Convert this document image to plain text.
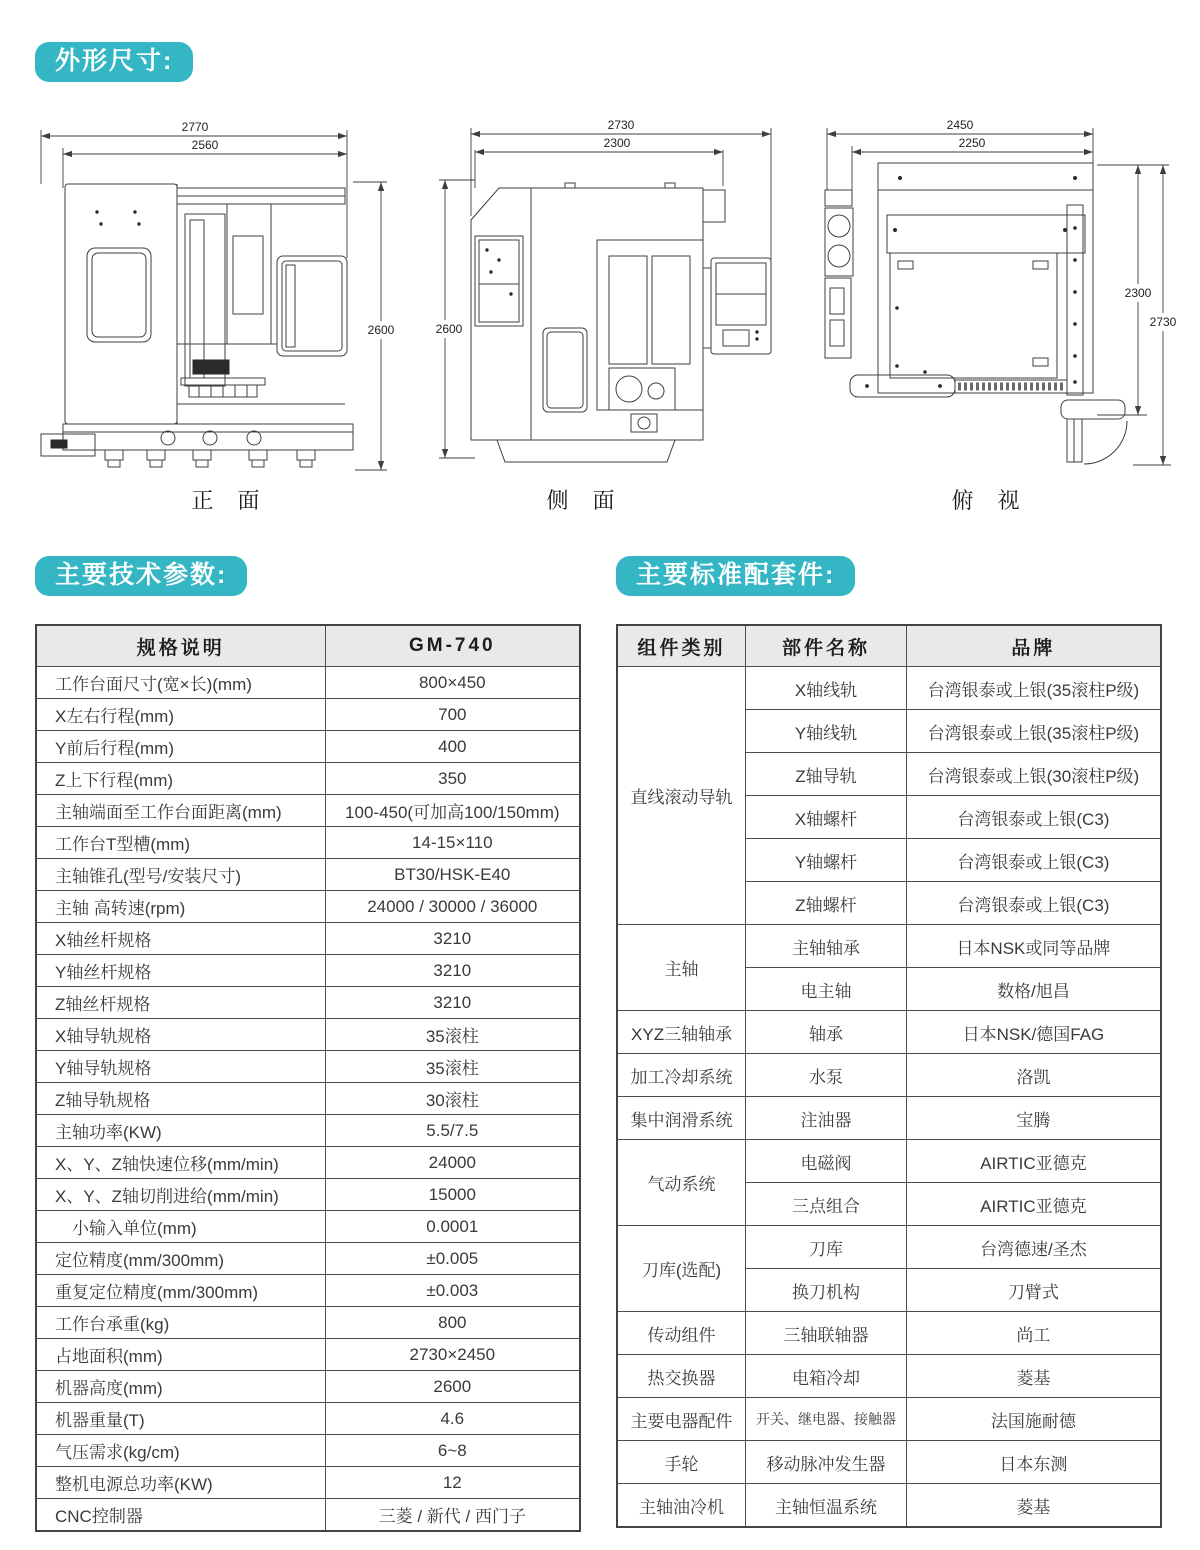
外形尺寸:
2770
2560
2600
正 面
2730
2300
2600
侧 面
2450
2250
2300
2730
俯 视
主要技术参数:
规格说明	GM-740
工作台面尺寸(宽×长)(mm)	800×450
X左右行程(mm)	700
Y前后行程(mm)	400
Z上下行程(mm)	350
主轴端面至工作台面距离(mm)	100-450(可加高100/150mm)
工作台T型槽(mm)	14-15×110
主轴锥孔(型号/安装尺寸)	BT30/HSK-E40
主轴 高转速(rpm)	24000 / 30000 / 36000
X轴丝杆规格	3210
Y轴丝杆规格	3210
Z轴丝杆规格	3210
X轴导轨规格	35滚柱
Y轴导轨规格	35滚柱
Z轴导轨规格	30滚柱
主轴功率(KW)	5.5/7.5
X、Y、Z轴快速位移(mm/min)	24000
X、Y、Z轴切削进给(mm/min)	15000
　小输入单位(mm)	0.0001
定位精度(mm/300mm)	±0.005
重复定位精度(mm/300mm)	±0.003
工作台承重(kg)	800
占地面积(mm)	2730×2450
机器高度(mm)	2600
机器重量(T)	4.6
气压需求(kg/cm)	6~8
整机电源总功率(KW)	12
CNC控制器	三菱 / 新代 / 西门子
主要标准配套件:
组件类别	部件名称	品牌
直线滚动导轨	X轴线轨	台湾银泰或上银(35滚柱P级)
	Y轴线轨	台湾银泰或上银(35滚柱P级)
	Z轴导轨	台湾银泰或上银(30滚柱P级)
	X轴螺杆	台湾银泰或上银(C3)
	Y轴螺杆	台湾银泰或上银(C3)
	Z轴螺杆	台湾银泰或上银(C3)
主轴	主轴轴承	日本NSK或同等品牌
	电主轴	数格/旭昌
XYZ三轴轴承	轴承	日本NSK/德国FAG
加工冷却系统	水泵	洛凯
集中润滑系统	注油器	宝腾
气动系统	电磁阀	AIRTIC亚德克
	三点组合	AIRTIC亚德克
刀库(选配)	刀库	台湾德速/圣杰
	换刀机构	刀臂式
传动组件	三轴联轴器	尚工
热交换器	电箱冷却	菱基
主要电器配件	开关、继电器、接触器	法国施耐德
手轮	移动脉冲发生器	日本东测
主轴油冷机	主轴恒温系统	菱基
